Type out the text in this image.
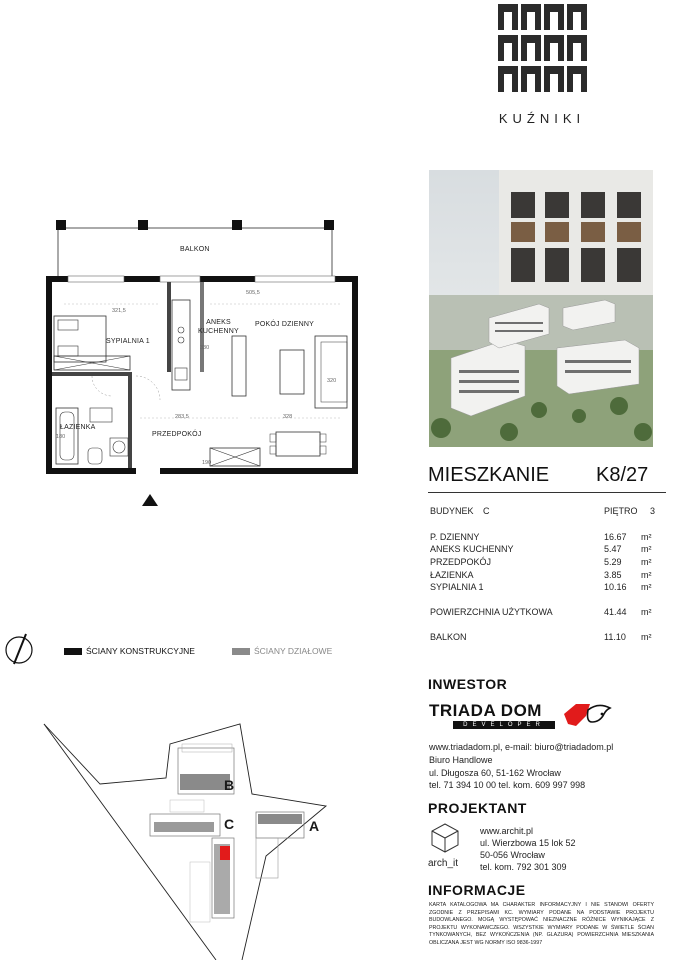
KUŹNIKI
BALKON
SYPIALNIA 1
ANEKS
KUCHENNY
POKÓJ DZIENNY
ŁAZIENKA
PRZEDPOKÓJ
321,5
505,5
330
283,5	328
190
180
320
ŚCIANY KONSTRUKCYJNE	ŚCIANY DZIAŁOWE
B
C	A
MIESZKANIE K8/27
BUDYNEK C	PIĘTRO 3
P. DZIENNY	16.67 m²
ANEKS KUCHENNY	5.47 m²
PRZEDPOKÓJ	5.29 m²
ŁAZIENKA	3.85 m²
SYPIALNIA 1	10.16 m²
POWIERZCHNIA UŻYTKOWA	41.44 m²
BALKON	11.10 m²
INWESTOR
TRIADA DOM
DEVELOPER
www.triadadom.pl, e-mail: biuro@triadadom.pl
Biuro Handlowe
ul. Długosza 60, 51-162 Wrocław
tel. 71 394 10 00 tel. kom. 609 997 998
PROJEKTANT
arch_it
www.archit.pl
ul. Wierzbowa 15 lok 52
50-056 Wrocław
tel. kom. 792 301 309
INFORMACJE
KARTA KATALOGOWA MA CHARAKTER INFORMACYJNY I NIE STANOWI OFERTY ZGODNIE Z PRZEPISAMI KC. WYMIARY PODANE NA PODSTAWIE PROJEKTU BUDOWLANEGO. MOGĄ WYSTĘPOWAĆ NIEZNACZNE RÓŻNICE WYNIKAJĄCE Z PROJEKTU WYKONAWCZEGO. WSZYSTKIE WYMIARY PODANE W ŚWIETLE ŚCIAN TYNKOWANYCH, BEZ WYKOŃCZENIA (NP. GLAZURA) POWIERZCHNIA MIESZKANIA OBLICZANA JEST WG NORMY ISO 9836-1997
